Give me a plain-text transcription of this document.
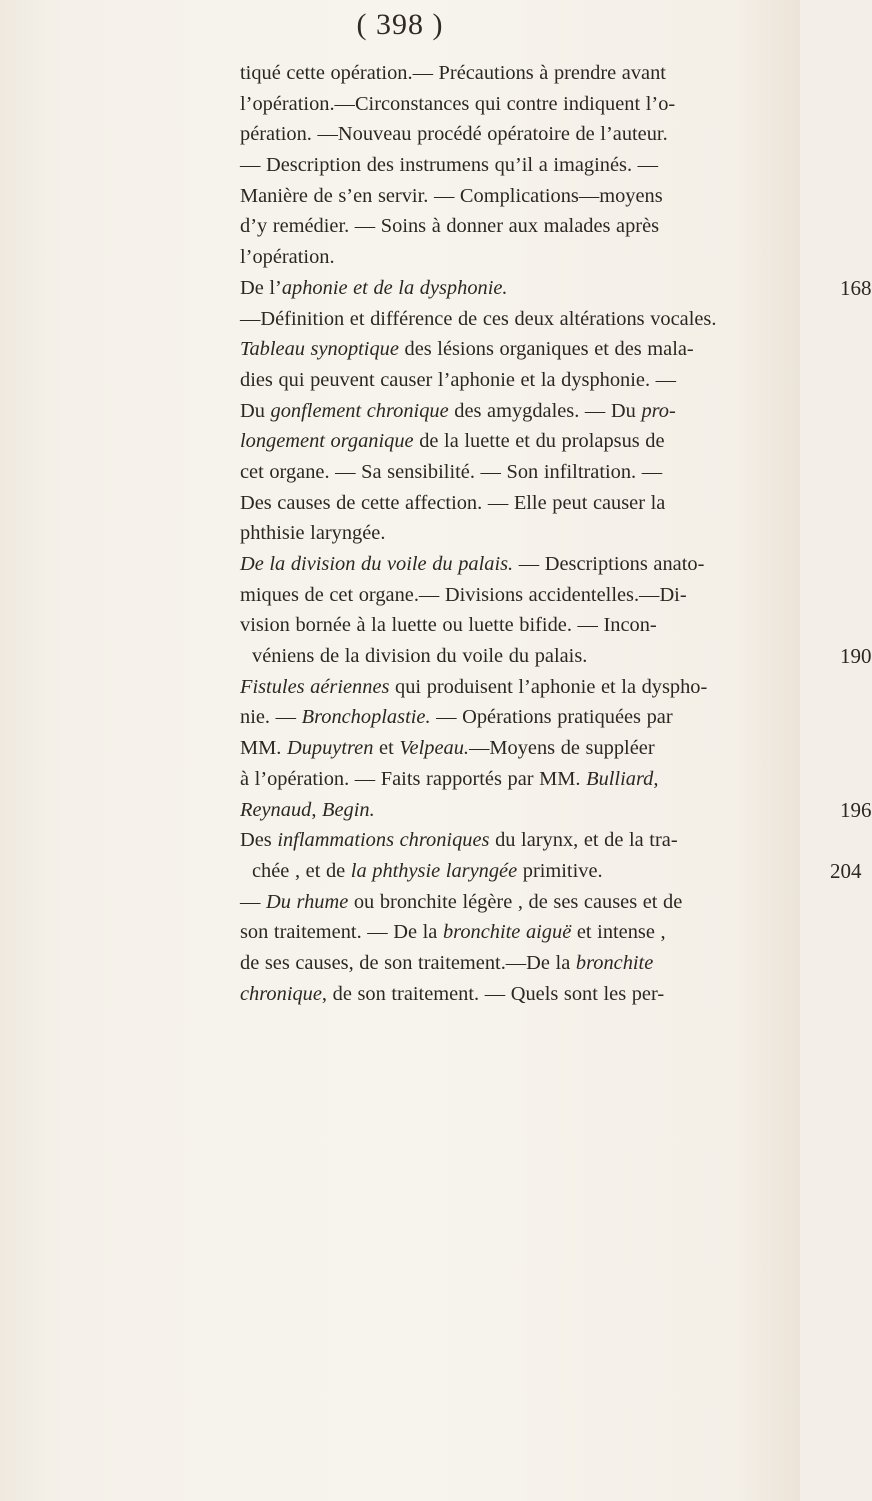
( 398 )
tiqué cette opération.— Précautions à prendre avant
l’opération.—Circonstances qui contre indiquent l’o-
pération. —Nouveau procédé opératoire de l’auteur.
— Description des instrumens qu’il a imaginés. —
Manière de s’en servir. — Complications—moyens
d’y remédier. — Soins à donner aux malades après
l’opération.
De l’aphonie et de la dysphonie.	168
—Définition et différence de ces deux altérations vocales.
Tableau synoptique des lésions organiques et des mala-
dies qui peuvent causer l’aphonie et la dysphonie. —
Du gonflement chronique des amygdales. — Du pro-
longement organique de la luette et du prolapsus de
cet organe. — Sa sensibilité. — Son infiltration. —
Des causes de cette affection. — Elle peut causer la
phthisie laryngée.
De la division du voile du palais. — Descriptions anato-
miques de cet organe.— Divisions accidentelles.—Di-
vision bornée à la luette ou luette bifide. — Incon-
véniens de la division du voile du palais.	190
Fistules aériennes qui produisent l’aphonie et la dyspho-
nie. — Bronchoplastie. — Opérations pratiquées par
MM. Dupuytren et Velpeau.—Moyens de suppléer
à l’opération. — Faits rapportés par MM. Bulliard,
Reynaud, Begin.	196
Des inflammations chroniques du larynx, et de la tra-
chée , et de la phthysie laryngée primitive.	204
— Du rhume ou bronchite légère , de ses causes et de
son traitement. — De la bronchite aiguë et intense ,
de ses causes, de son traitement.—De la bronchite
chronique, de son traitement. — Quels sont les per-
